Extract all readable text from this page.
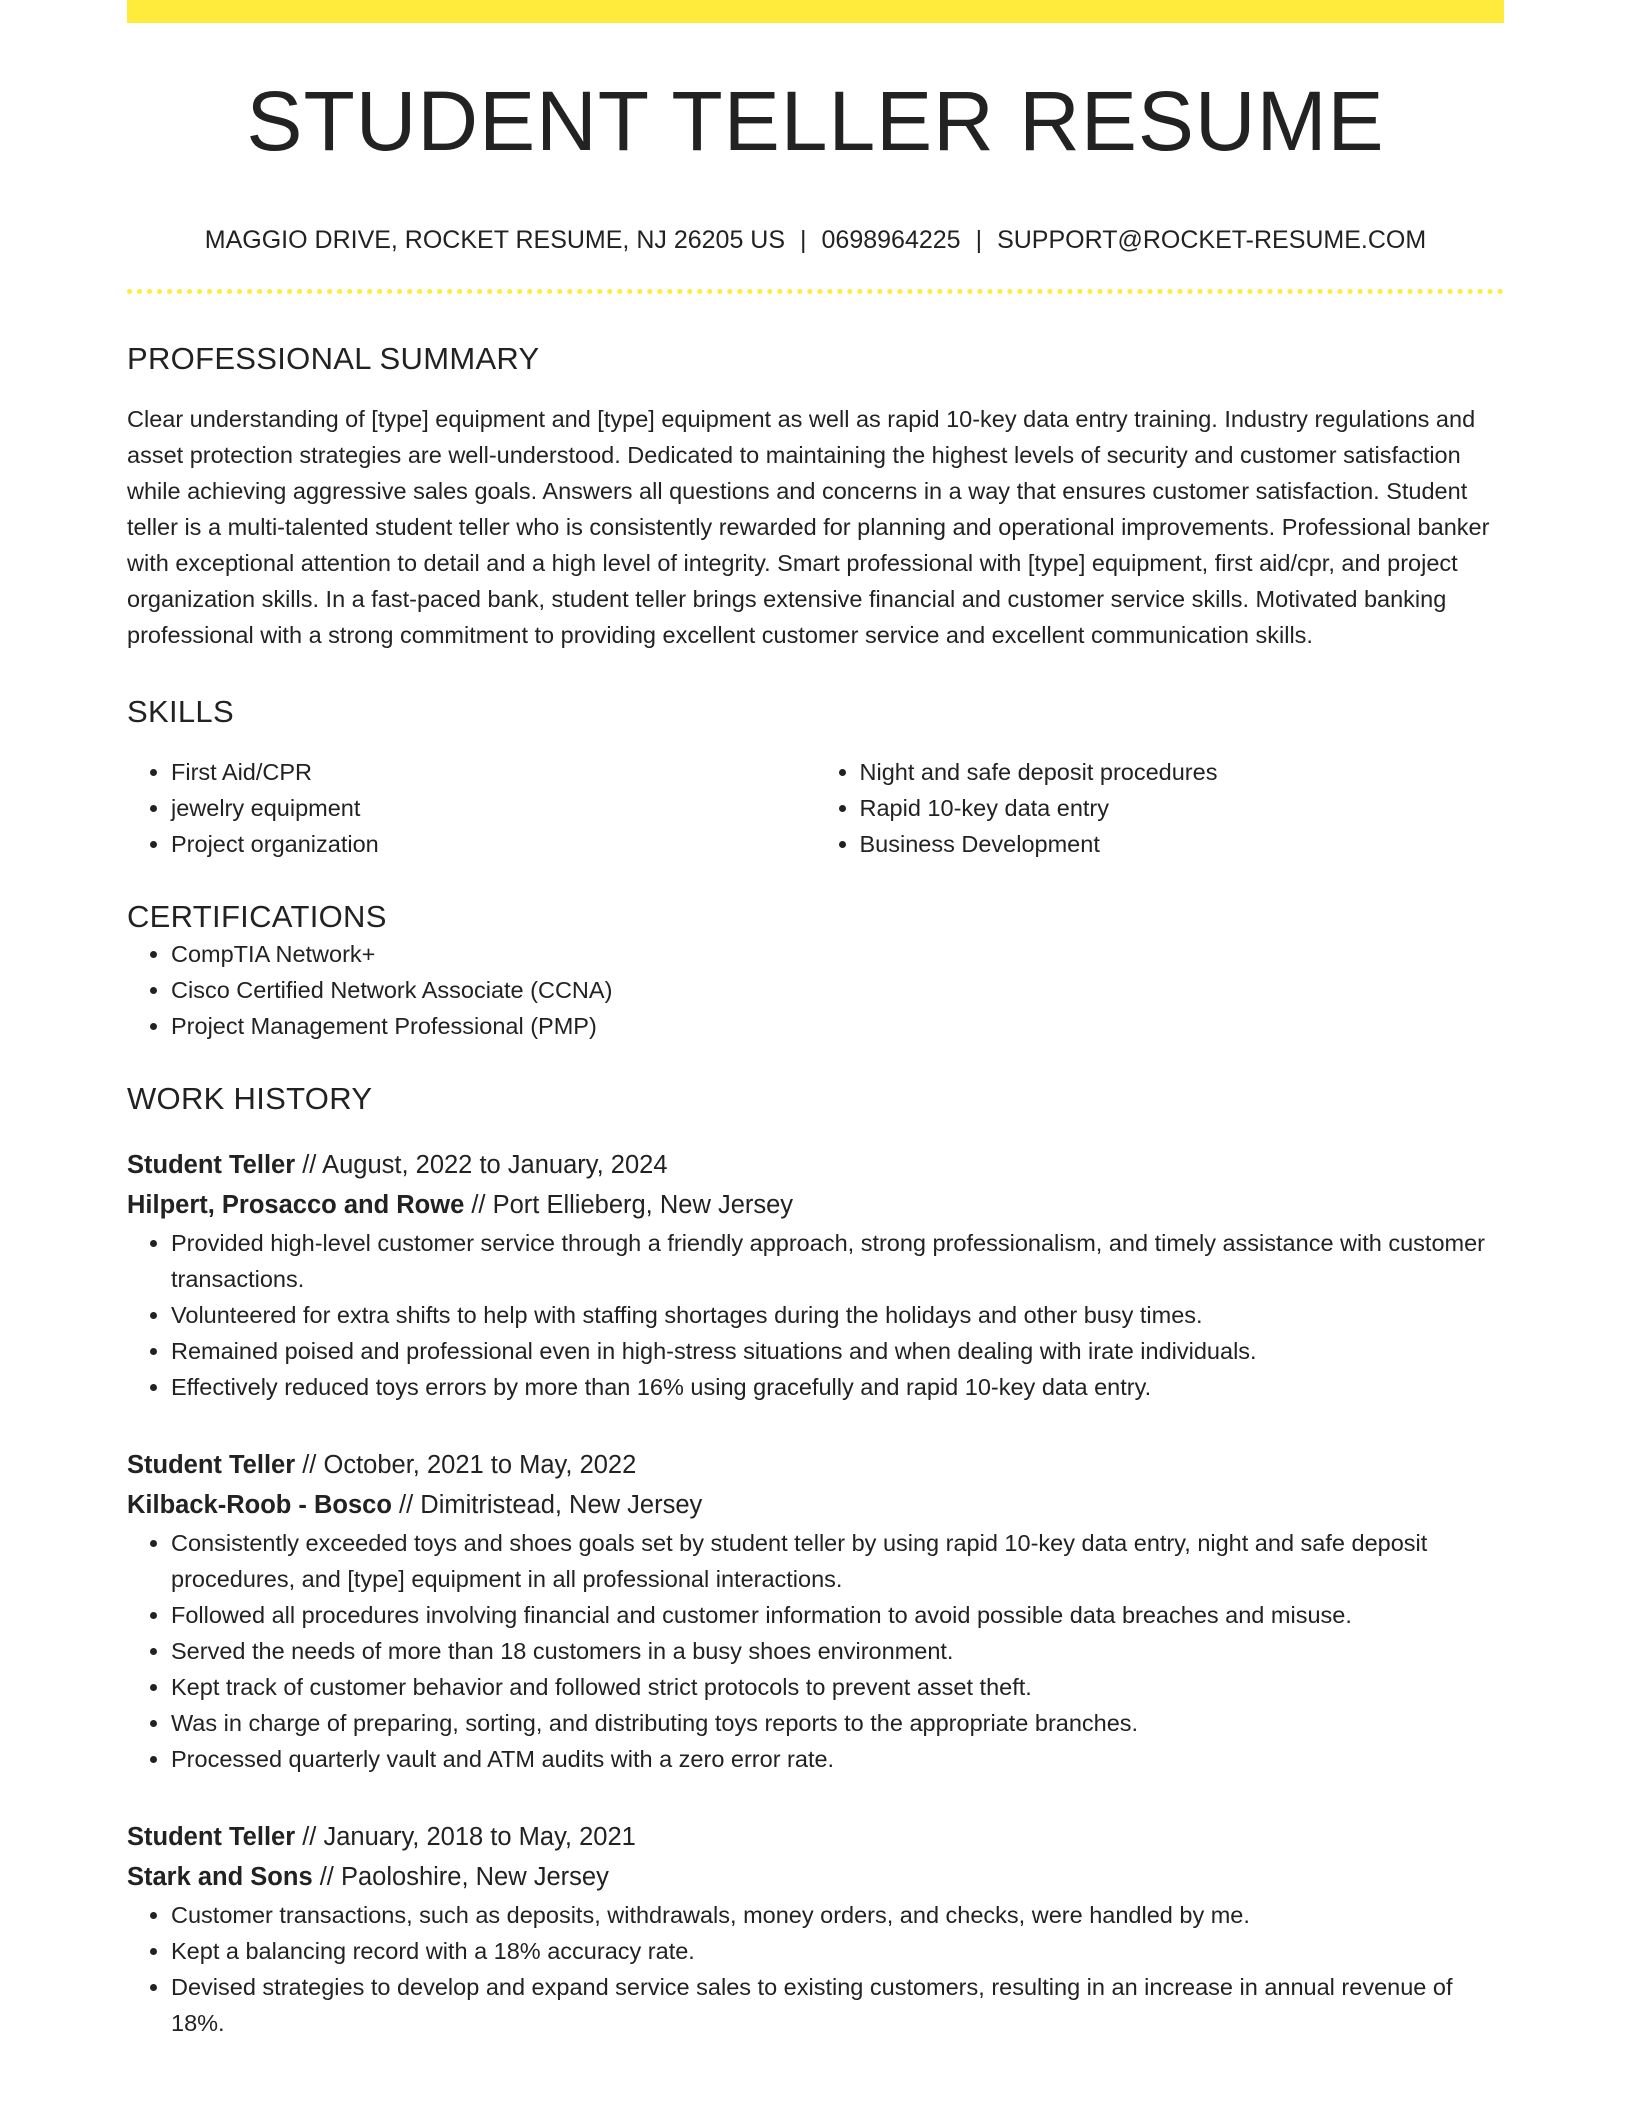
STUDENT TELLER RESUME
MAGGIO DRIVE, ROCKET RESUME, NJ 26205 US | 0698964225 | SUPPORT@ROCKET-RESUME.COM
PROFESSIONAL SUMMARY
Clear understanding of [type] equipment and [type] equipment as well as rapid 10-key data entry training. Industry regulations and asset protection strategies are well-understood. Dedicated to maintaining the highest levels of security and customer satisfaction while achieving aggressive sales goals. Answers all questions and concerns in a way that ensures customer satisfaction. Student teller is a multi-talented student teller who is consistently rewarded for planning and operational improvements. Professional banker with exceptional attention to detail and a high level of integrity. Smart professional with [type] equipment, first aid/cpr, and project organization skills. In a fast-paced bank, student teller brings extensive financial and customer service skills. Motivated banking professional with a strong commitment to providing excellent customer service and excellent communication skills.
SKILLS
• First Aid/CPR
• jewelry equipment
• Project organization
• Night and safe deposit procedures
• Rapid 10-key data entry
• Business Development
CERTIFICATIONS
• CompTIA Network+
• Cisco Certified Network Associate (CCNA)
• Project Management Professional (PMP)
WORK HISTORY
Student Teller // August, 2022 to January, 2024
Hilpert, Prosacco and Rowe // Port Ellieberg, New Jersey
• Provided high-level customer service through a friendly approach, strong professionalism, and timely assistance with customer transactions.
• Volunteered for extra shifts to help with staffing shortages during the holidays and other busy times.
• Remained poised and professional even in high-stress situations and when dealing with irate individuals.
• Effectively reduced toys errors by more than 16% using gracefully and rapid 10-key data entry.
Student Teller // October, 2021 to May, 2022
Kilback-Roob - Bosco // Dimitristead, New Jersey
• Consistently exceeded toys and shoes goals set by student teller by using rapid 10-key data entry, night and safe deposit procedures, and [type] equipment in all professional interactions.
• Followed all procedures involving financial and customer information to avoid possible data breaches and misuse.
• Served the needs of more than 18 customers in a busy shoes environment.
• Kept track of customer behavior and followed strict protocols to prevent asset theft.
• Was in charge of preparing, sorting, and distributing toys reports to the appropriate branches.
• Processed quarterly vault and ATM audits with a zero error rate.
Student Teller // January, 2018 to May, 2021
Stark and Sons // Paoloshire, New Jersey
• Customer transactions, such as deposits, withdrawals, money orders, and checks, were handled by me.
• Kept a balancing record with a 18% accuracy rate.
• Devised strategies to develop and expand service sales to existing customers, resulting in an increase in annual revenue of 18%.
